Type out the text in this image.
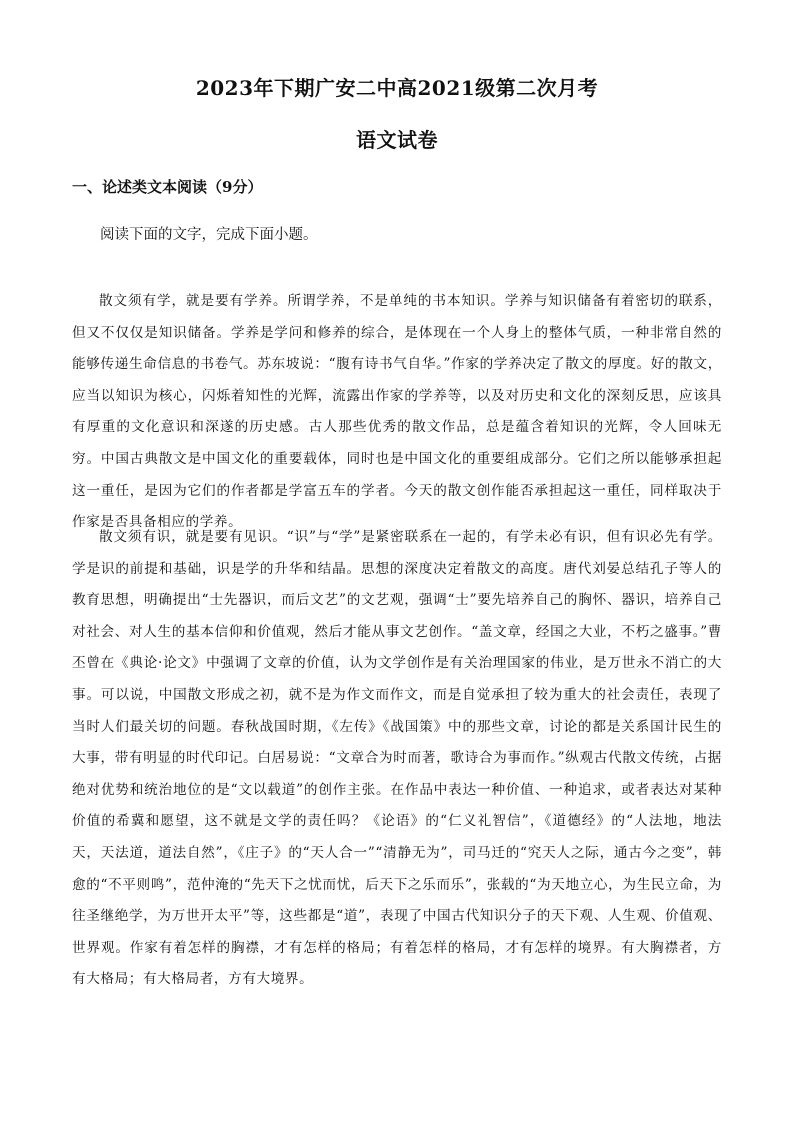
2023年下期广安二中高2021级第二次月考
语文试卷
一、论述类文本阅读（9分）
阅读下面的文字，完成下面小题。

散文须有学，就是要有学养。所谓学养，不是单纯的书本知识。学养与知识储备有着密切的联系，但又不仅仅是知识储备。学养是学问和修养的综合，是体现在一个人身上的整体气质，一种非常自然的能够传递生命信息的书卷气。苏东坡说：“腹有诗书气自华。”作家的学养决定了散文的厚度。好的散文，应当以知识为核心，闪烁着知性的光辉，流露出作家的学养等，以及对历史和文化的深刻反思，应该具有厚重的文化意识和深遂的历史感。古人那些优秀的散文作品，总是蕴含着知识的光辉，令人回味无穷。中国古典散文是中国文化的重要载体，同时也是中国文化的重要组成部分。它们之所以能够承担起这一重任，是因为它们的作者都是学富五车的学者。今天的散文创作能否承担起这一重任，同样取决于作家是否具备相应的学养。

散文须有识，就是要有见识。“识”与“学”是紧密联系在一起的，有学未必有识，但有识必先有学。学是识的前提和基础，识是学的升华和结晶。思想的深度决定着散文的高度。唐代刘晏总结孔子等人的教育思想，明确提出“士先器识，而后文艺”的文艺观，强调“士”要先培养自己的胸怀、器识，培养自己对社会、对人生的基本信仰和价值观，然后才能从事文艺创作。“盖文章，经国之大业，不朽之盛事。”曹丕曾在《典论·论文》中强调了文章的价值，认为文学创作是有关治理国家的伟业，是万世永不消亡的大事。可以说，中国散文形成之初，就不是为作文而作文，而是自觉承担了较为重大的社会责任，表现了当时人们最关切的问题。春秋战国时期，《左传》《战国策》中的那些文章，讨论的都是关系国计民生的大事，带有明显的时代印记。白居易说：“文章合为时而著，歌诗合为事而作。”纵观古代散文传统，占据绝对优势和统治地位的是“文以载道”的创作主张。在作品中表达一种价值、一种追求，或者表达对某种价值的希冀和愿望，这不就是文学的责任吗？《论语》的“仁义礼智信”，《道德经》的“人法地，地法天，天法道，道法自然”，《庄子》的“天人合一”“清静无为”，司马迁的“究天人之际，通古今之变”，韩愈的“不平则鸣”，范仲淹的“先天下之忧而忧，后天下之乐而乐”，张载的“为天地立心，为生民立命，为往圣继绝学，为万世开太平”等，这些都是“道”，表现了中国古代知识分子的天下观、人生观、价值观、世界观。作家有着怎样的胸襟，才有怎样的格局；有着怎样的格局，才有怎样的境界。有大胸襟者，方有大格局；有大格局者，方有大境界。
